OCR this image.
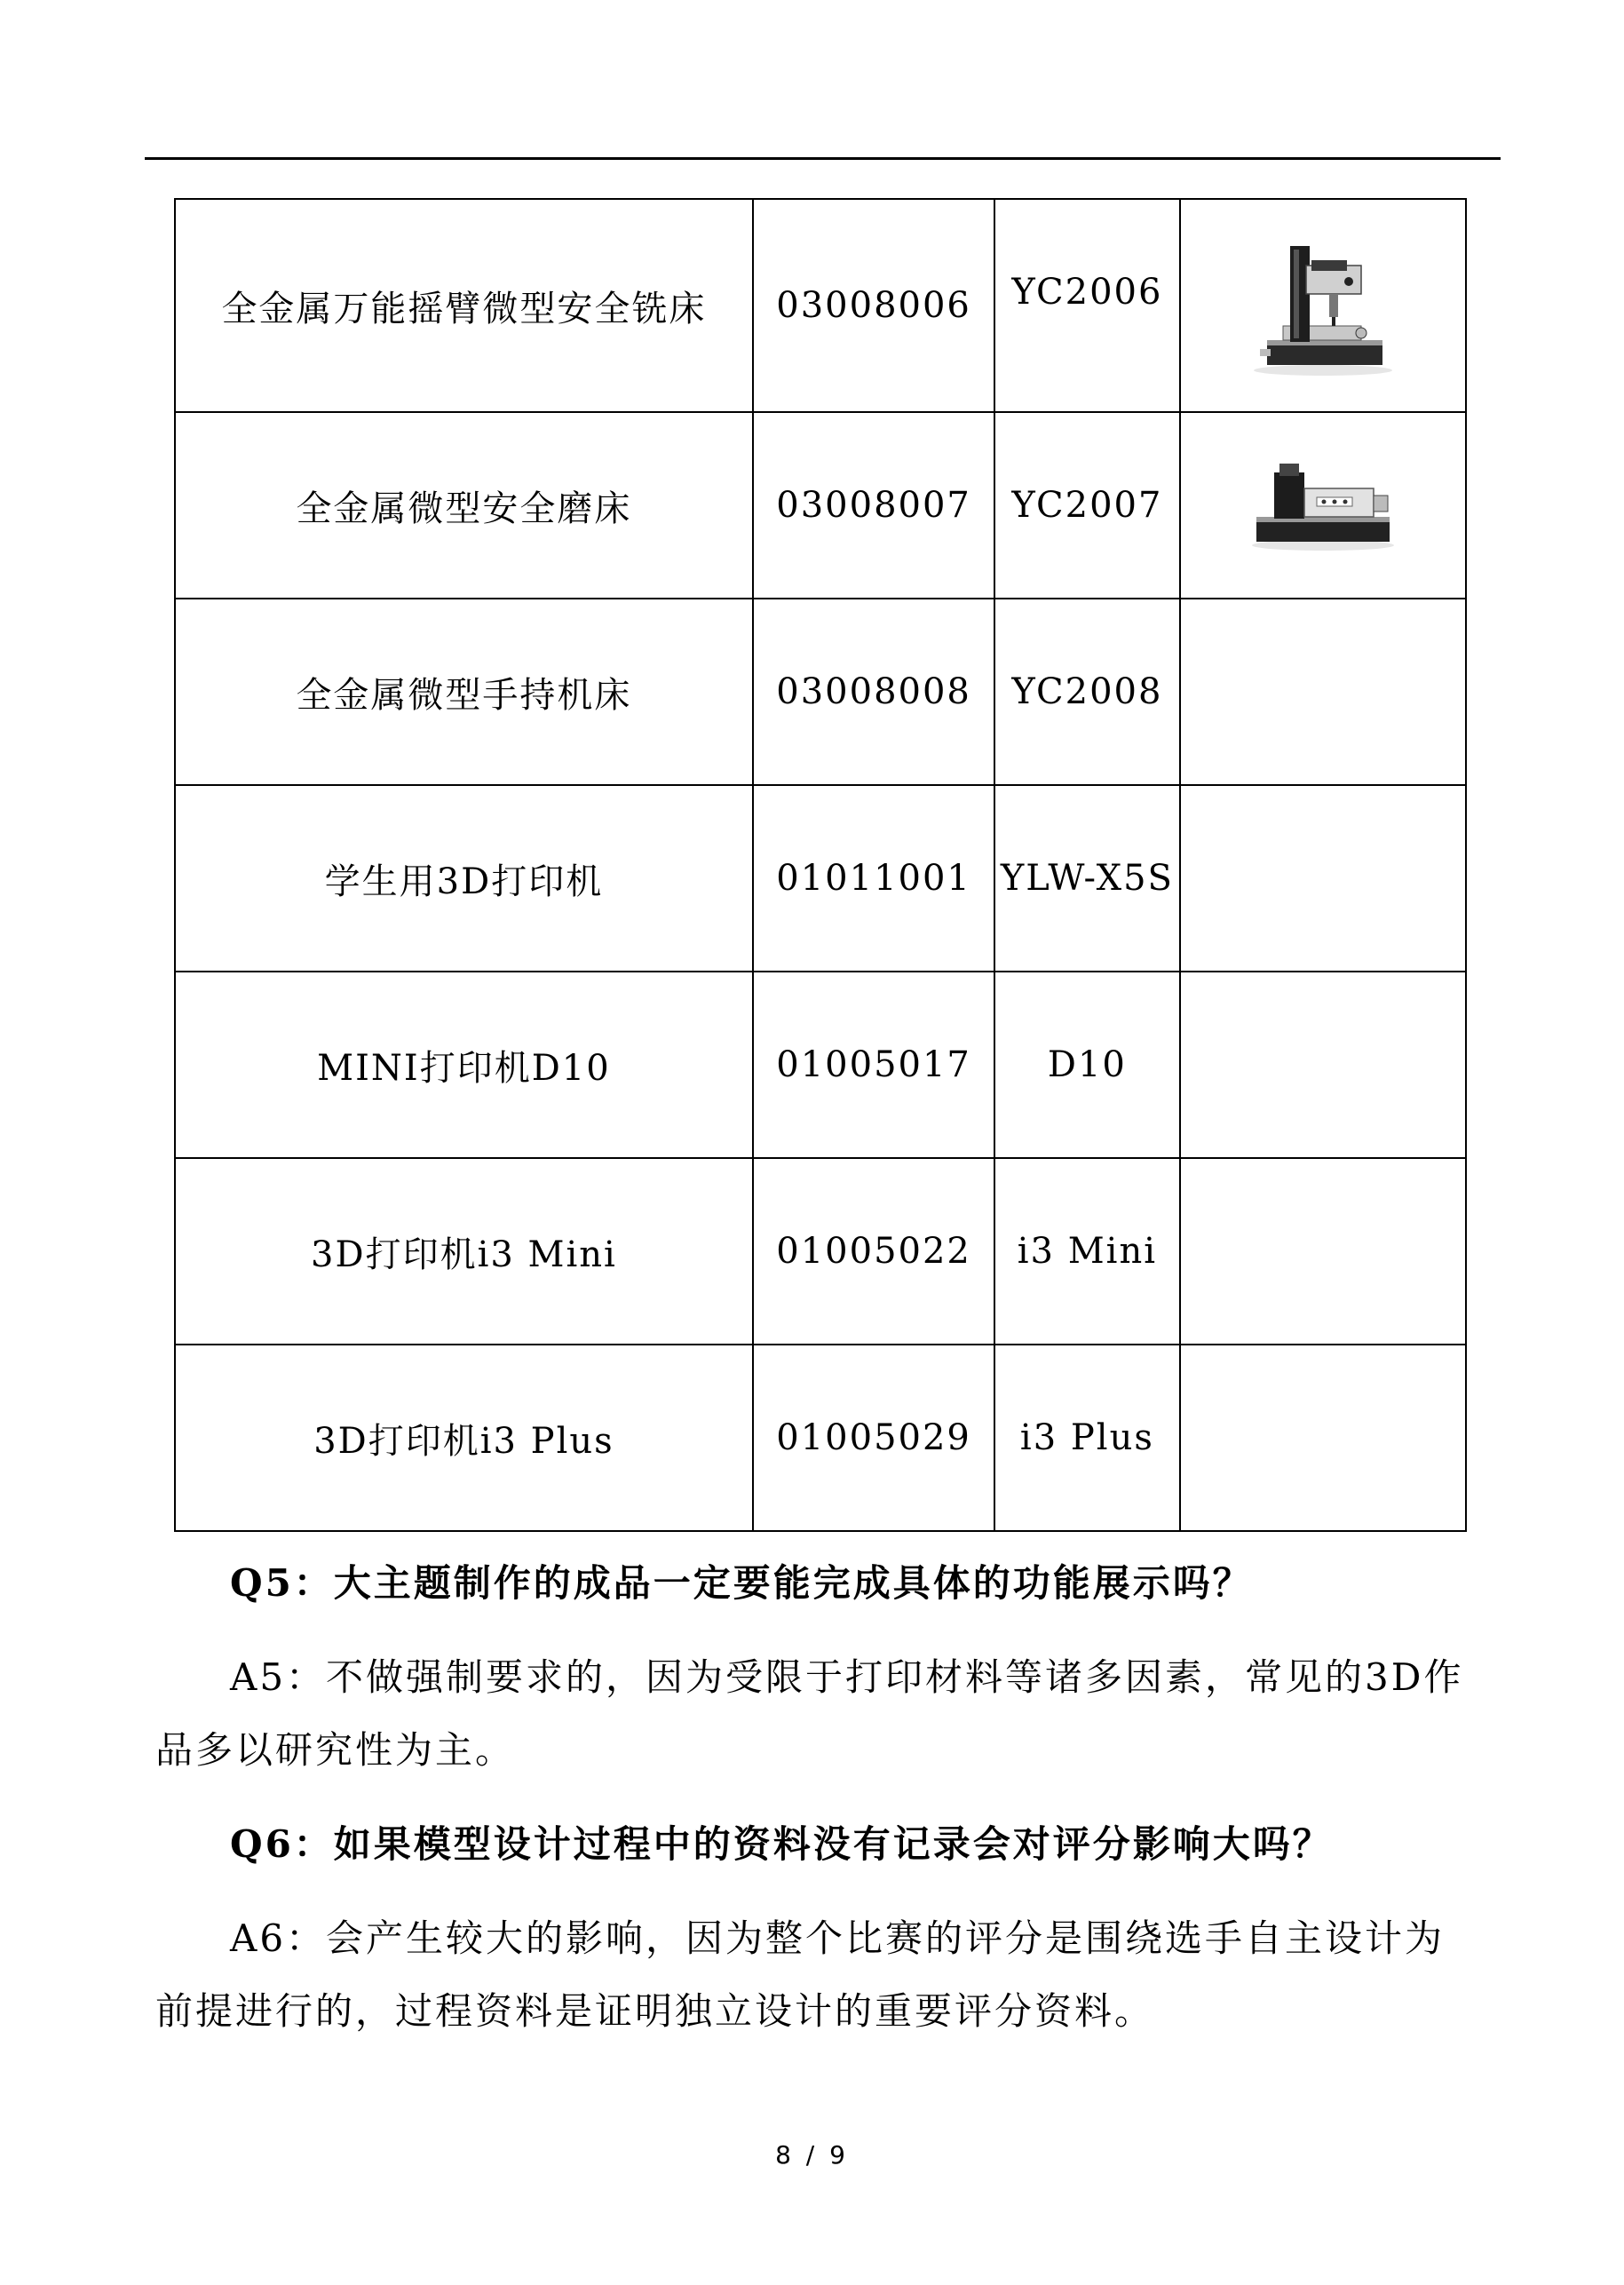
全金属万能摇臂微型安全铣床	03008006	YC2006	

全金属微型安全磨床	03008007	YC2007	

全金属微型手持机床	03008008	YC2008	
学生用3D打印机	01011001	YLW-X5S	
MINI打印机D10	01005017	D10	
3D打印机i3 Mini	01005022	i3 Mini	
3D打印机i3 Plus	01005029	i3 Plus	
Q5：大主题制作的成品一定要能完成具体的功能展示吗？
A5：不做强制要求的，因为受限于打印材料等诸多因素，常见的3D作
品多以研究性为主。
Q6：如果模型设计过程中的资料没有记录会对评分影响大吗？
A6：会产生较大的影响，因为整个比赛的评分是围绕选手自主设计为
前提进行的，过程资料是证明独立设计的重要评分资料。
8 / 9
